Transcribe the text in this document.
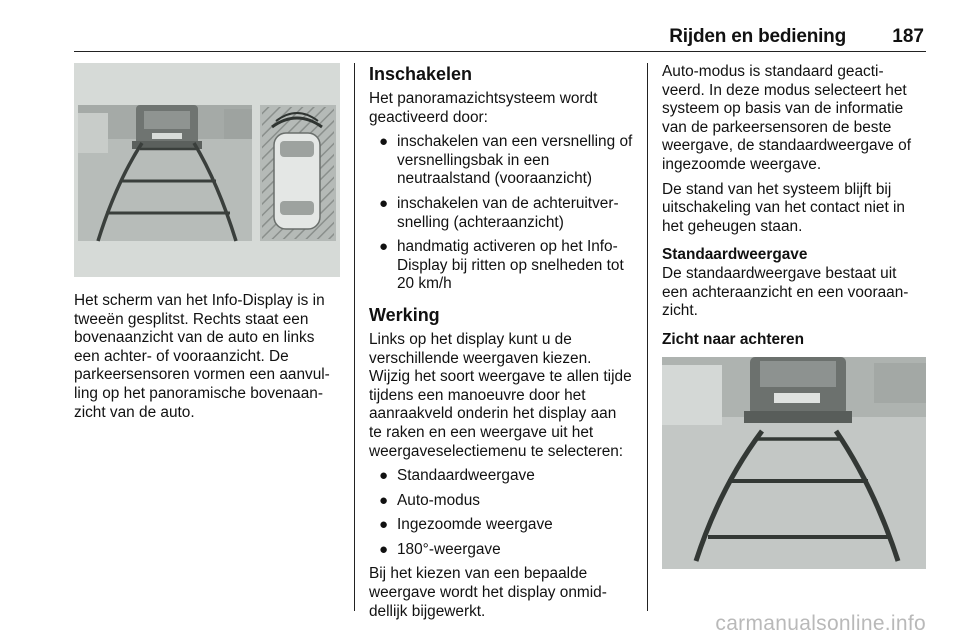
Rijden en bediening 187

Het scherm van het Info-Display is in tweeën gesplitst. Rechts staat een bovenaanzicht van de auto en links een achter- of vooraanzicht. De parkeersensoren vormen een aanvul-ling op het panoramische bovenaan-zicht van de auto.

Inschakelen

Het panoramazichtsysteem wordt geactiveerd door:

● inschakelen van een versnelling of versnellingsbak in een neutraalstand (vooraanzicht)
● inschakelen van de achteruitver-snelling (achteraanzicht)
● handmatig activeren op het Info-Display bij ritten op snelheden tot 20 km/h
Werking

Links op het display kunt u de verschillende weergaven kiezen. Wijzig het soort weergave te allen tijde tijdens een manoeuvre door het aanraakveld onderin het display aan te raken en een weergave uit het weergaveselectiemenu te selecteren:

● Standaardweergave
● Auto-modus
● Ingezoomde weergave
● 180°-weergave

Bij het kiezen van een bepaalde weergave wordt het display onmid-dellijk bijgewerkt.

Auto-modus is standaard geacti-veerd. In deze modus selecteert het systeem op basis van de informatie van de parkeersensoren de beste weergave, de standaardweergave of ingezoomde weergave.

De stand van het systeem blijft bij uitschakeling van het contact niet in het geheugen staan.

Standaardweergave

De standaardweergave bestaat uit een achteraanzicht en een vooraan-zicht.

Zicht naar achteren
carmanualsonline.info
